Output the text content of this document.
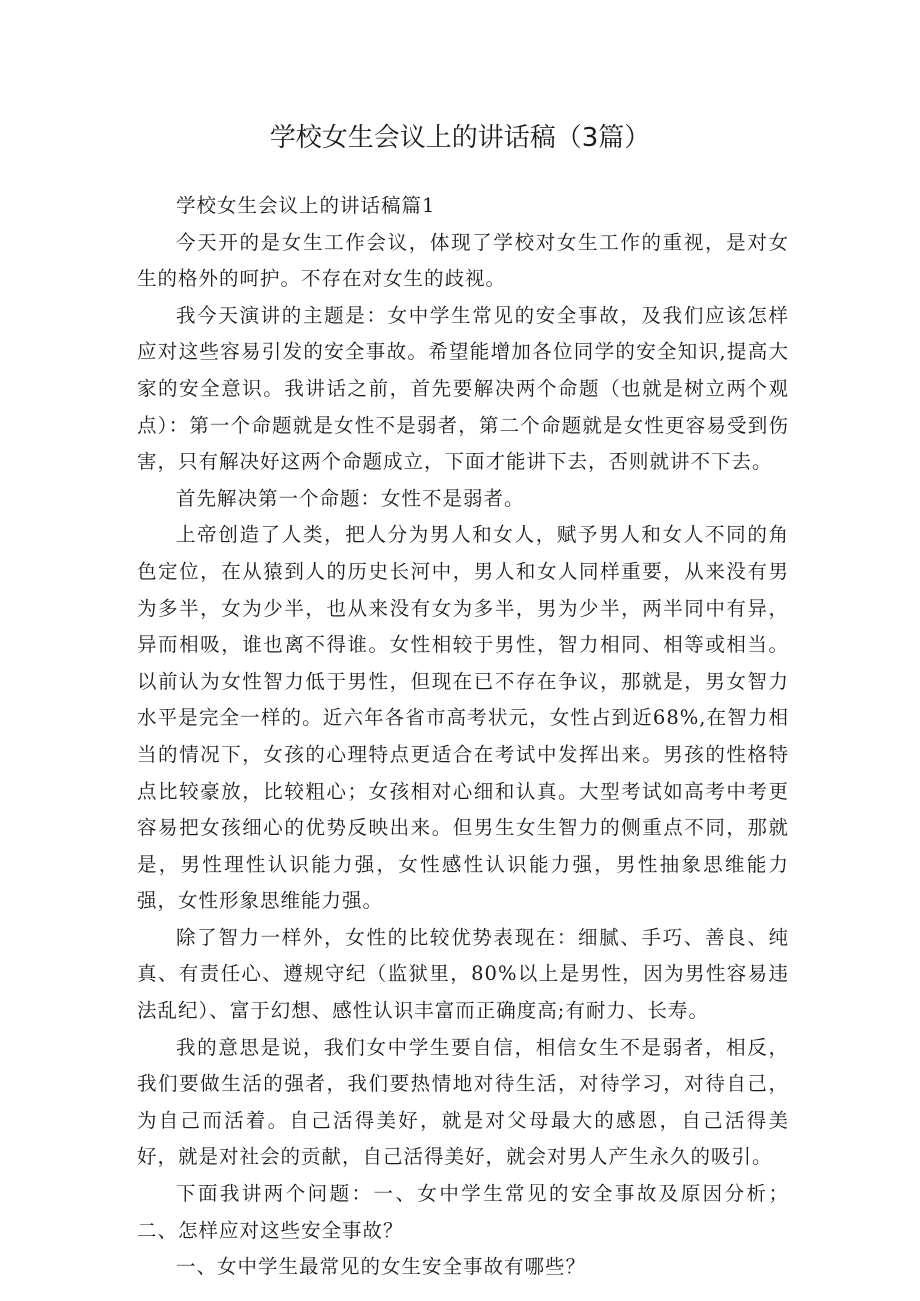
学校女生会议上的讲话稿（3篇）

学校女生会议上的讲话稿篇1

今天开的是女生工作会议，体现了学校对女生工作的重视，是对女生的格外的呵护。不存在对女生的歧视。

我今天演讲的主题是：女中学生常见的安全事故，及我们应该怎样应对这些容易引发的安全事故。希望能增加各位同学的安全知识,提高大家的安全意识。我讲话之前，首先要解决两个命题（也就是树立两个观点）：第一个命题就是女性不是弱者，第二个命题就是女性更容易受到伤害，只有解决好这两个命题成立，下面才能讲下去，否则就讲不下去。

首先解决第一个命题：女性不是弱者。

上帝创造了人类，把人分为男人和女人，赋予男人和女人不同的角色定位，在从猿到人的历史长河中，男人和女人同样重要，从来没有男为多半，女为少半，也从来没有女为多半，男为少半，两半同中有异，异而相吸，谁也离不得谁。女性相较于男性，智力相同、相等或相当。以前认为女性智力低于男性，但现在已不存在争议，那就是，男女智力水平是完全一样的。近六年各省市高考状元，女性占到近68%,在智力相当的情况下，女孩的心理特点更适合在考试中发挥出来。男孩的性格特点比较豪放，比较粗心；女孩相对心细和认真。大型考试如高考中考更容易把女孩细心的优势反映出来。但男生女生智力的侧重点不同，那就是，男性理性认识能力强，女性感性认识能力强，男性抽象思维能力强，女性形象思维能力强。

除了智力一样外，女性的比较优势表现在：细腻、手巧、善良、纯真、有责任心、遵规守纪（监狱里，80%以上是男性，因为男性容易违法乱纪）、富于幻想、感性认识丰富而正确度高;有耐力、长寿。

我的意思是说，我们女中学生要自信，相信女生不是弱者，相反，我们要做生活的强者，我们要热情地对待生活，对待学习，对待自己，为自己而活着。自己活得美好，就是对父母最大的感恩，自己活得美好，就是对社会的贡献，自己活得美好，就会对男人产生永久的吸引。

下面我讲两个问题：一、女中学生常见的安全事故及原因分析；二、怎样应对这些安全事故？

一、女中学生最常见的女生安全事故有哪些？
